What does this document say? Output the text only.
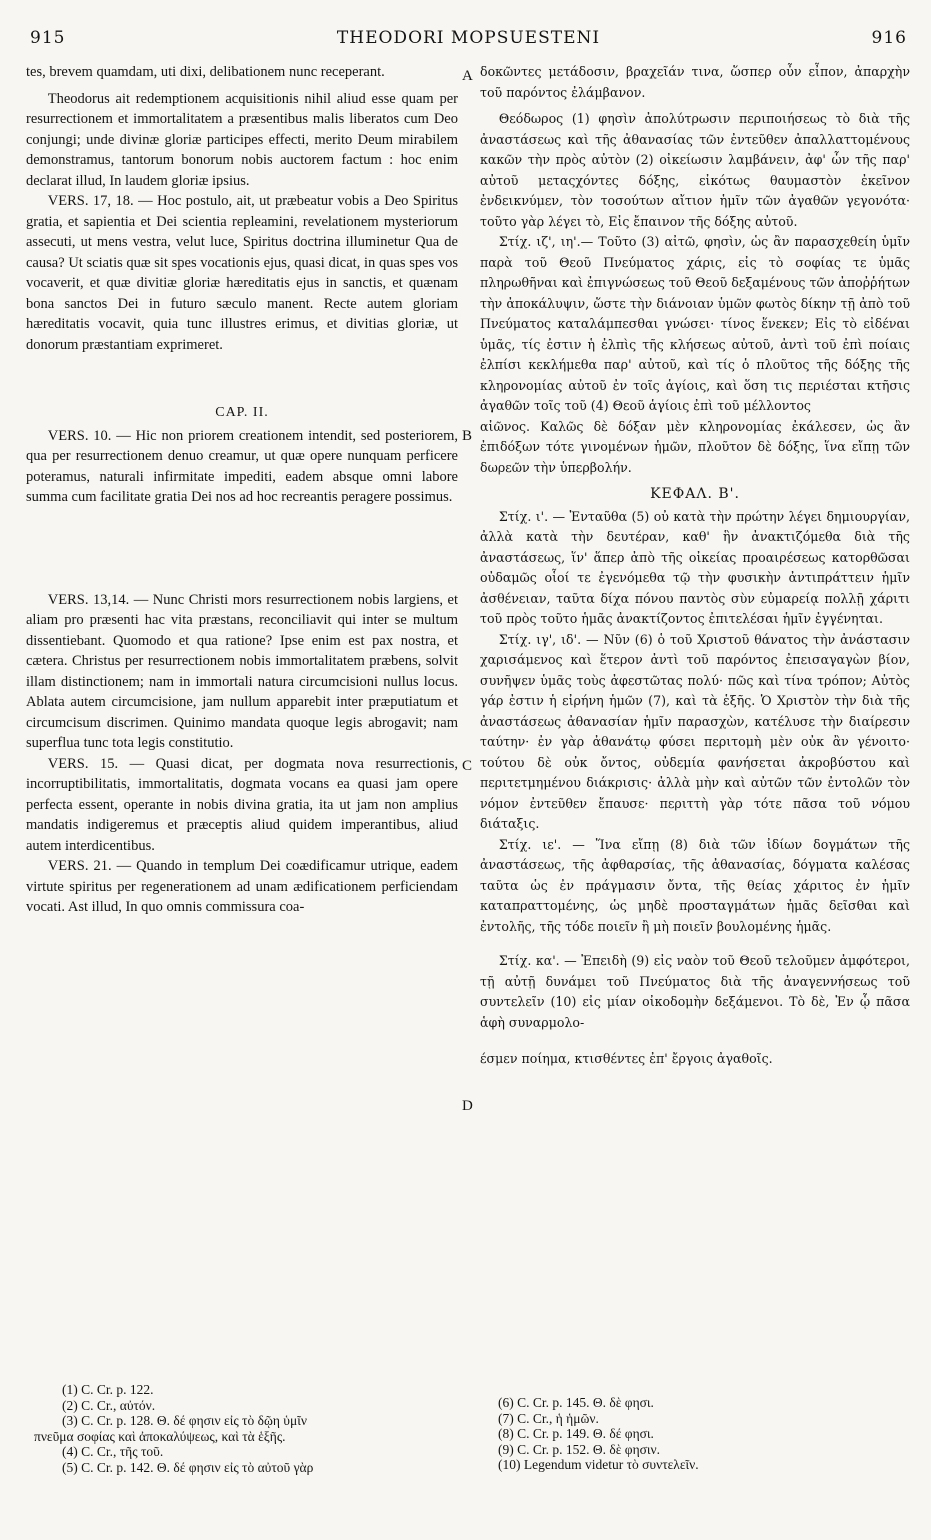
915	THEODORI MOPSUESTENI	916

tes, brevem quamdam, uti dixi, delibationem nunc receperant.

Theodorus ait redemptionem acquisitionis nihil aliud esse quam per resurrectionem et immortalitatem a præsentibus malis liberatos cum Deo conjungi; unde divinæ gloriæ participes effecti, merito Deum mirabilem demonstramus, tantorum bonorum nobis auctorem factum : hoc enim declarat illud, In laudem gloriæ ipsius.

VERS. 17, 18. — Hoc postulo, ait, ut præbeatur vobis a Deo Spiritus gratia, et sapientia et Dei scientia repleamini, revelationem mysteriorum assecuti, ut mens vestra, velut luce, Spiritus doctrina illuminetur Qua de causa? Ut sciatis quæ sit spes vocationis ejus, quasi dicat, in quas spes vos vocaverit, et quæ divitiæ gloriæ hæreditatis ejus in sanctis, et quænam bona sanctos Dei in futuro sæculo manent. Recte autem gloriam hæreditatis vocavit, quia tunc illustres erimus, et divitias gloriæ, ut donorum præstantiam exprimeret.

CAP. II.

VERS. 10. — Hic non priorem creationem intendit, sed posteriorem, qua per resurrectionem denuo creamur, ut quæ opere nunquam perficere poteramus, naturali infirmitate impediti, eadem absque omni labore summa cum facilitate gratia Dei nos ad hoc recreantis peragere possimus.

VERS. 13,14. — Nunc Christi mors resurrectionem nobis largiens, et aliam pro præsenti hac vita præstans, reconciliavit qui inter se multum dissentiebant. Quomodo et qua ratione? Ipse enim est pax nostra, et cætera. Christus per resurrectionem nobis immortalitatem præbens, solvit illam distinctionem; nam in immortali natura circumcisioni nullus locus. Ablata autem circumcisione, jam nullum apparebit inter præputiatum et circumcisum discrimen. Quinimo mandata quoque legis abrogavit; nam superflua tunc tota legis constitutio.

VERS. 15. — Quasi dicat, per dogmata nova resurrectionis, incorruptibilitatis, immortalitatis, dogmata vocans ea quasi jam opere perfecta essent, operante in nobis divina gratia, ita ut jam non amplius mandatis indigeremus et præceptis aliud quidem imperantibus, aliud autem interdicentibus.

VERS. 21. — Quando in templum Dei coædificamur utrique, eadem virtute spiritus per regenerationem ad unam ædificationem perficiendam vocati. Ast illud, In quo omnis commissura coa-

δοκῶντες μετάδοσιν, βραχεῖάν τινα, ὥσπερ οὖν εἶπον, ἀπαρχὴν τοῦ παρόντος ἐλάμβανον.

Θεόδωρος (1) φησὶν ἀπολύτρωσιν περιποιήσεως τὸ διὰ τῆς ἀναστάσεως καὶ τῆς ἀθανασίας τῶν ἐντεῦθεν ἀπαλλαττομένους κακῶν τὴν πρὸς αὐτὸν (2) οἰκείωσιν λαμβάνειν, ἀφ' ὧν τῆς παρ' αὐτοῦ μεταςχόντες δόξης, εἰκότως θαυμαστὸν ἐκεῖνον ἐνδεικνύμεν, τὸν τοσούτων αἴτιον ἡμῖν τῶν ἀγαθῶν γεγονότα· τοῦτο γὰρ λέγει τὸ, Εἰς ἔπαινον τῆς δόξης αὐτοῦ.

Στίχ. ιζ', ιη'.— Τοῦτο (3) αἰτῶ, φησὶν, ὡς ἂν παρασχεθείη ὑμῖν παρὰ τοῦ Θεοῦ Πνεύματος χάρις, εἰς τὸ σοφίας τε ὑμᾶς πληρωθῆναι καὶ ἐπιγνώσεως τοῦ Θεοῦ δεξαμένους τῶν ἀποῤῥήτων τὴν ἀποκάλυψιν, ὥστε τὴν διάνοιαν ὑμῶν φωτὸς δίκην τῇ ἀπὸ τοῦ Πνεύματος καταλάμπεσθαι γνώσει· τίνος ἕνεκεν; Εἰς τὸ εἰδέναι ὑμᾶς, τίς ἐστιν ἡ ἐλπὶς τῆς κλήσεως αὐτοῦ, ἀντὶ τοῦ ἐπὶ ποίαις ἐλπίσι κεκλήμεθα παρ' αὐτοῦ, καὶ τίς ὁ πλοῦτος τῆς δόξης τῆς κληρονομίας αὐτοῦ ἐν τοῖς ἁγίοις, καὶ ὅση τις περιέσται κτῆσις ἀγαθῶν τοῖς τοῦ (4) Θεοῦ ἁγίοις ἐπὶ τοῦ μέλλοντος

αἰῶνος. Καλῶς δὲ δόξαν μὲν κληρονομίας ἐκάλεσεν, ὡς ἂν ἐπιδόξων τότε γινομένων ἡμῶν, πλοῦτον δὲ δόξης, ἵνα εἴπῃ τῶν δωρεῶν τὴν ὑπερβολήν.

ΚΕΦΑΛ. Β'.

Στίχ. ι'. — Ἐνταῦθα (5) οὐ κατὰ τὴν πρώτην λέγει δημιουργίαν, ἀλλὰ κατὰ τὴν δευτέραν, καθ' ἣν ἀνακτιζόμεθα διὰ τῆς ἀναστάσεως, ἵν' ἅπερ ἀπὸ τῆς οἰκείας προαιρέσεως κατορθῶσαι οὐδαμῶς οἷοί τε ἐγενόμεθα τῷ τὴν φυσικὴν ἀντιπράττειν ἡμῖν ἀσθένειαν, ταῦτα δίχα πόνου παντὸς σὺν εὐμαρείᾳ πολλῇ χάριτι τοῦ πρὸς τοῦτο ἡμᾶς ἀνακτίζοντος ἐπιτελέσαι ἡμῖν ἐγγένηται.

Στίχ. ιγ', ιδ'. — Νῦν (6) ὁ τοῦ Χριστοῦ θάνατος τὴν ἀνάστασιν χαρισάμενος καὶ ἕτερον ἀντὶ τοῦ παρόντος ἐπεισαγαγὼν βίον, συνῆψεν ὑμᾶς τοὺς ἀφεστῶτας πολύ· πῶς καὶ τίνα τρόπον; Αὐτὸς γάρ ἐστιν ἡ εἰρήνη ἡμῶν (7), καὶ τὰ ἑξῆς. Ὁ Χριστὸν τὴν διὰ τῆς ἀναστάσεως ἀθανασίαν ἡμῖν παρασχὼν, κατέλυσε τὴν διαίρεσιν ταύτην· ἐν γὰρ ἀθανάτῳ φύσει περιτομὴ μὲν οὐκ ἂν γένοιτο· τούτου δὲ οὐκ ὄντος, οὐδεμία φανήσεται ἀκροβύστου καὶ περιτετμημένου διάκρισις· ἀλλὰ μὴν καὶ αὐτῶν τῶν ἐντολῶν τὸν νόμον ἐντεῦθεν ἔπαυσε· περιττὴ γὰρ τότε πᾶσα τοῦ νόμου διάταξις.

Στίχ. ιε'. — Ἵνα εἴπῃ (8) διὰ τῶν ἰδίων δογμάτων τῆς ἀναστάσεως, τῆς ἀφθαρσίας, τῆς ἀθανασίας, δόγματα καλέσας ταῦτα ὡς ἐν πράγμασιν ὄντα, τῆς θείας χάριτος ἐν ἡμῖν καταπραττομένης, ὡς μηδὲ προσταγμάτων ἡμᾶς δεῖσθαι καὶ ἐντολῆς, τῆς τόδε ποιεῖν ἢ μὴ ποιεῖν βουλομένης ἡμᾶς.

Στίχ. κα'. — Ἐπειδὴ (9) εἰς ναὸν τοῦ Θεοῦ τελοῦμεν ἀμφότεροι, τῇ αὐτῇ δυνάμει τοῦ Πνεύματος διὰ τῆς ἀναγεννήσεως τοῦ συντελεῖν (10) εἰς μίαν οἰκοδομὴν δεξάμενοι. Τὸ δὲ, Ἐν ᾧ πᾶσα ἁφὴ συναρμολο-

έσμεν ποίημα, κτισθέντες ἐπ' ἔργοις ἀγαθοῖς.

A
B
C
D
(1) C. Cr. p. 122.
(2) C. Cr., αὐτόν.
(3) C. Cr. p. 128. Θ. δέ φησιν εἰς τὸ δῷη ὑμῖν
πνεῦμα σοφίας καὶ ἀποκαλύψεως, καὶ τὰ ἑξῆς.
(4) C. Cr., τῆς τοῦ.
(5) C. Cr. p. 142. Θ. δέ φησιν εἰς τὸ αὐτοῦ γὰρ
(6) C. Cr. p. 145. Θ. δὲ φησι.
(7) C. Cr., ἡ ἡμῶν.
(8) C. Cr. p. 149. Θ. δέ φησι.
(9) C. Cr. p. 152. Θ. δὲ φησιν.
(10) Legendum videtur τὸ συντελεῖν.
